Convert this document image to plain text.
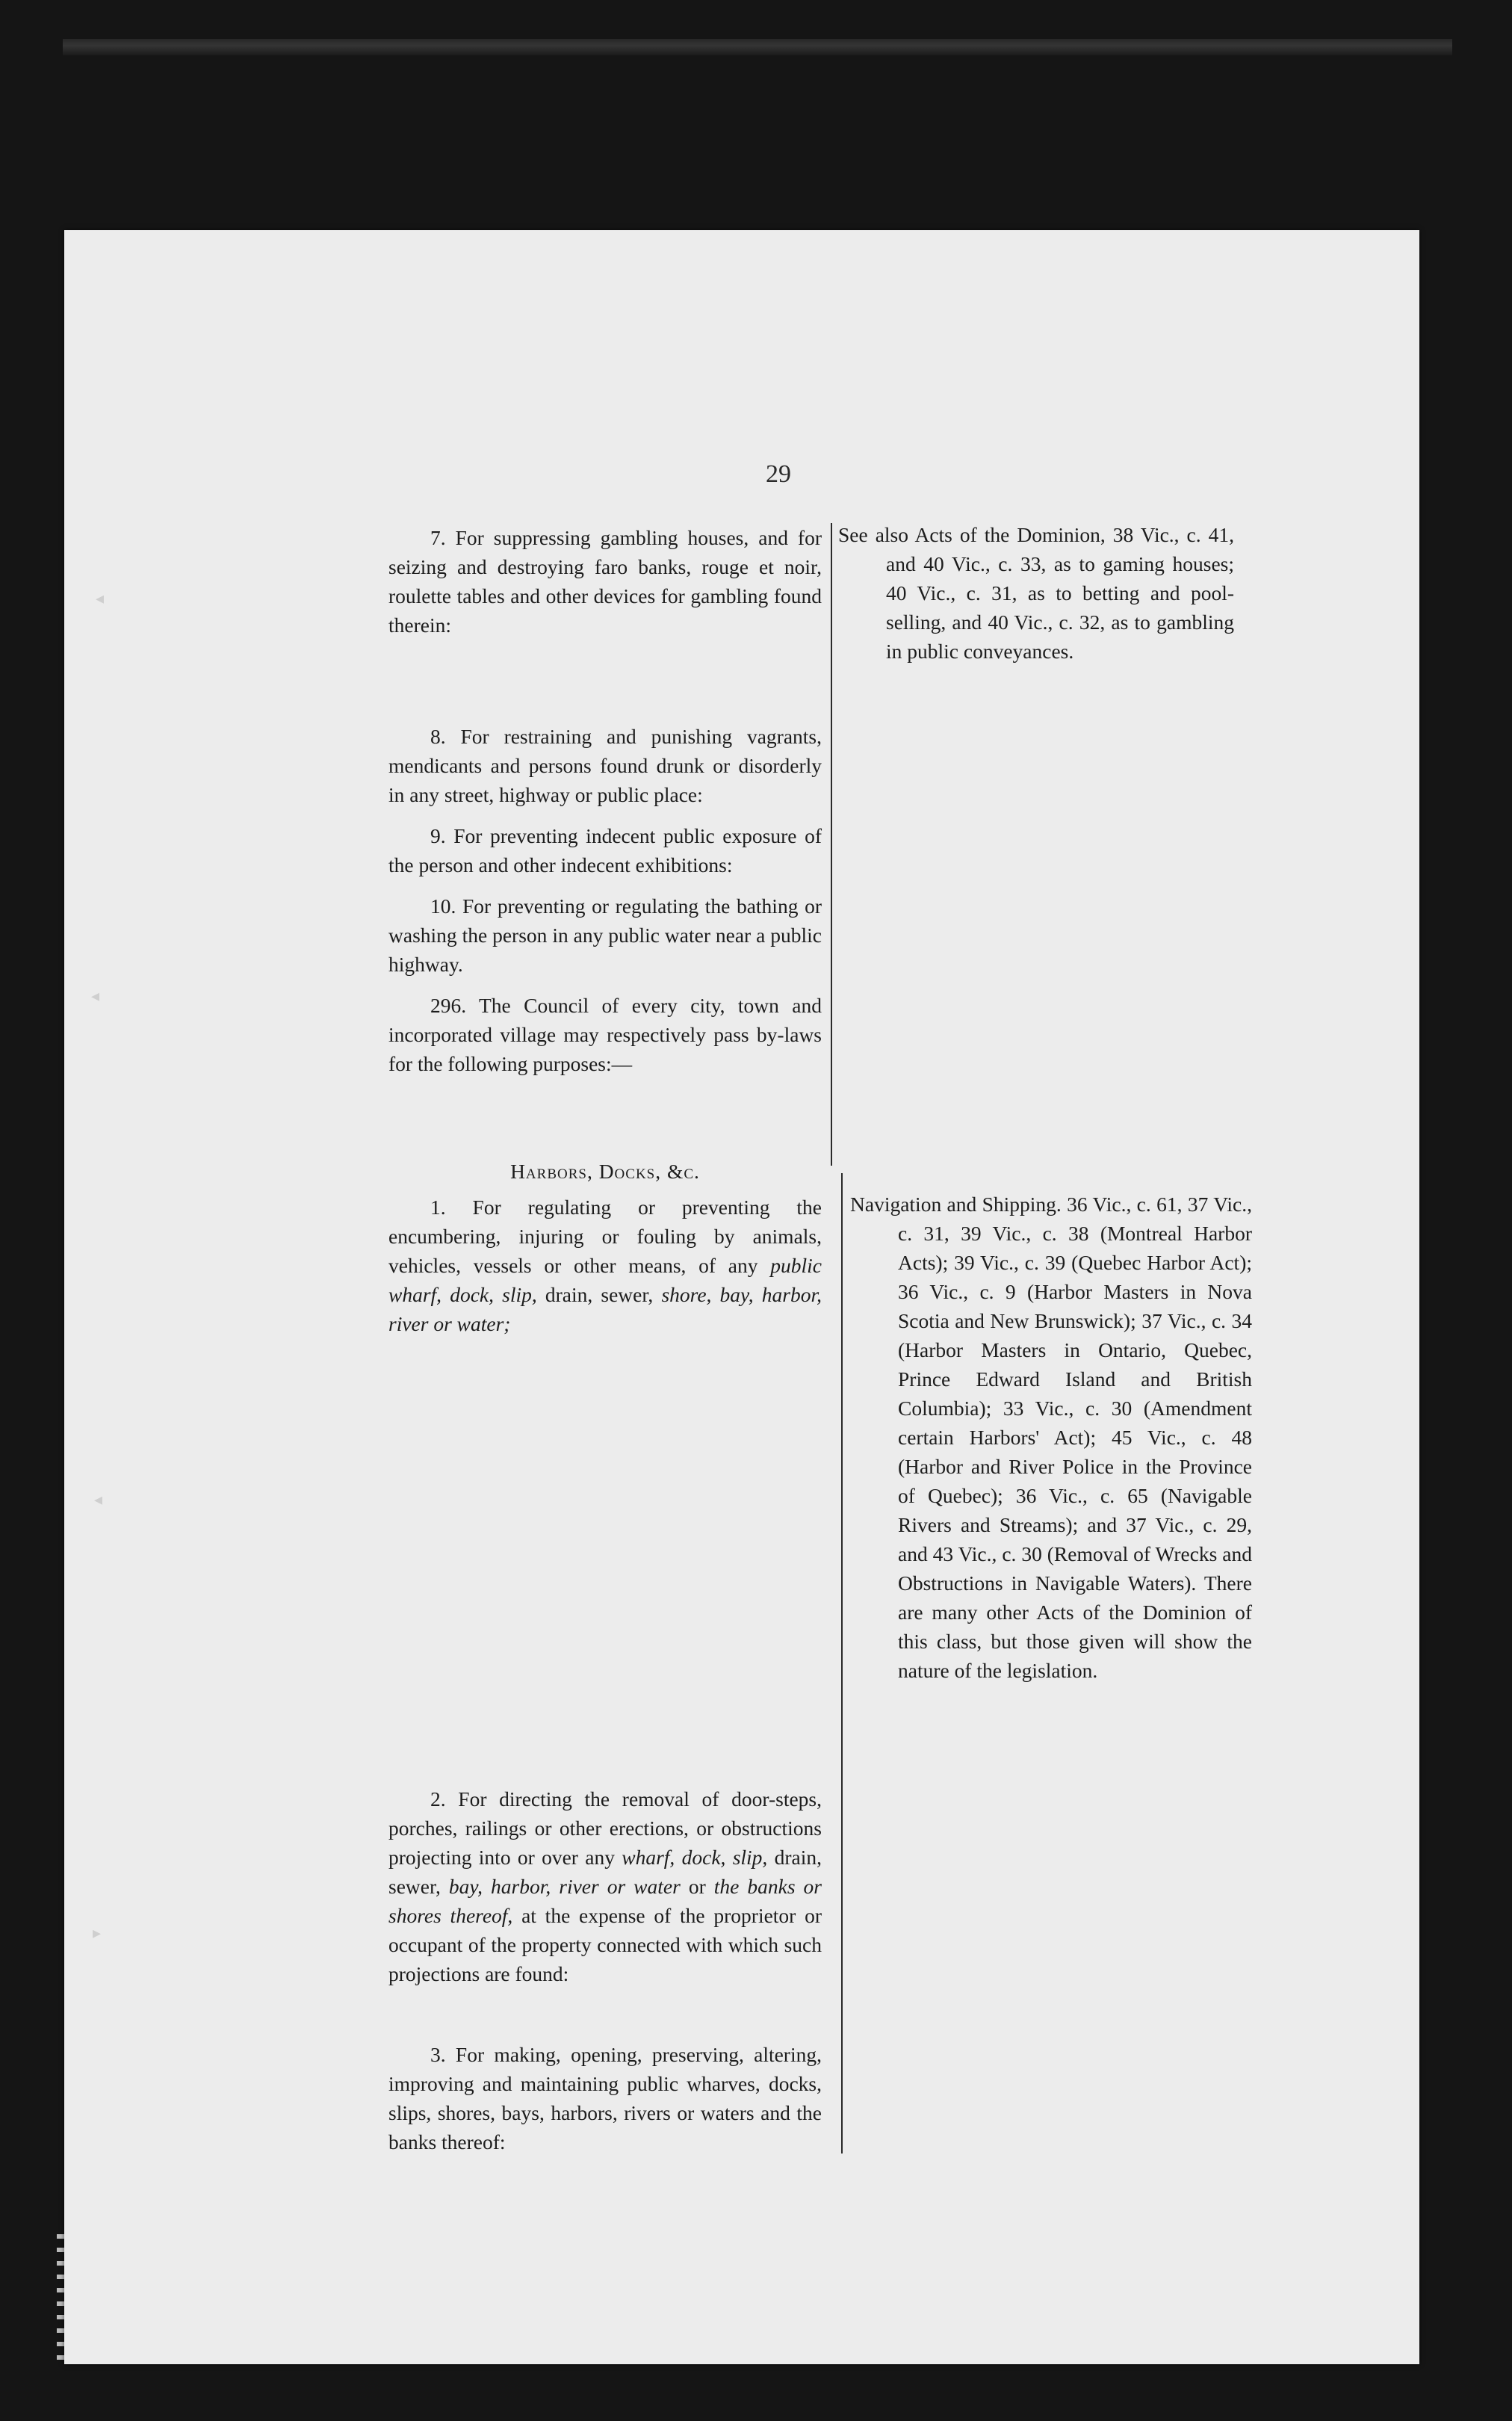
◂
◂
◂
▸
29

7. For suppressing gambling houses, and for seizing and destroying faro banks, rouge et noir, roulette tables and other devices for gambling found therein:

8. For restraining and punishing vagrants, mendicants and persons found drunk or disorderly in any street, highway or public place:

9. For preventing indecent public exposure of the person and other indecent exhibitions:

10. For preventing or regulating the bathing or washing the person in any public water near a public highway.

296. The Council of every city, town and incorporated village may respectively pass by-laws for the following purposes:—

Harbors, Docks, &c.

1. For regulating or preventing the encumbering, injuring or fouling by animals, vehicles, vessels or other means, of any public wharf, dock, slip, drain, sewer, shore, bay, harbor, river or water;

2. For directing the removal of door-steps, porches, railings or other erections, or obstructions projecting into or over any wharf, dock, slip, drain, sewer, bay, harbor, river or water or the banks or shores thereof, at the expense of the proprietor or occupant of the property connected with which such projections are found:

3. For making, opening, preserving, altering, improving and maintaining public wharves, docks, slips, shores, bays, harbors, rivers or waters and the banks thereof:

See also Acts of the Dominion, 38 Vic., c. 41, and 40 Vic., c. 33, as to gaming houses; 40 Vic., c. 31, as to betting and pool-selling, and 40 Vic., c. 32, as to gambling in public conveyances.

Navigation and Shipping. 36 Vic., c. 61, 37 Vic., c. 31, 39 Vic., c. 38 (Montreal Harbor Acts); 39 Vic., c. 39 (Quebec Harbor Act); 36 Vic., c. 9 (Harbor Masters in Nova Scotia and New Brunswick); 37 Vic., c. 34 (Harbor Masters in Ontario, Quebec, Prince Edward Island and British Columbia); 33 Vic., c. 30 (Amendment certain Harbors' Act); 45 Vic., c. 48 (Harbor and River Police in the Province of Quebec); 36 Vic., c. 65 (Navigable Rivers and Streams); and 37 Vic., c. 29, and 43 Vic., c. 30 (Removal of Wrecks and Obstructions in Navigable Waters). There are many other Acts of the Dominion of this class, but those given will show the nature of the legislation.
